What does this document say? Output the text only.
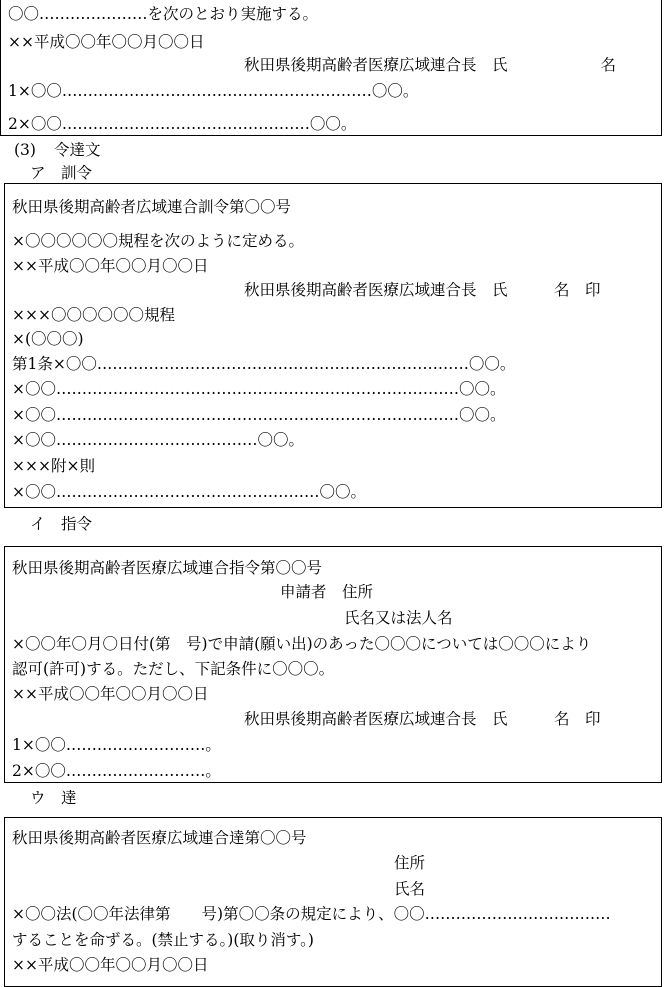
〇〇…………………を次のとおり実施する。
××平成〇〇年〇〇月〇〇日
秋田県後期高齢者医療広域連合長　氏　　　　　　名
1×〇〇……………………………………………………〇〇。
2×〇〇…………………………………………〇〇。
(3) 令達文
ア　訓令
秋田県後期高齢者広域連合訓令第〇〇号
×〇〇〇〇〇〇規程を次のように定める。
××平成〇〇年〇〇月〇〇日
秋田県後期高齢者医療広域連合長　氏　　　名　印
×××〇〇〇〇〇〇規程
×(〇〇〇)
第1条×〇〇………………………………………………………………〇〇。
×〇〇……………………………………………………………………〇〇。
×〇〇……………………………………………………………………〇〇。
×〇〇…………………………………〇〇。
×××附×則
×〇〇……………………………………………〇〇。
イ　指令
秋田県後期高齢者医療広域連合指令第〇〇号
申請者　住所
氏名又は法人名
×〇〇年〇月〇日付(第　号)で申請(願い出)のあった〇〇〇については〇〇〇により
認可(許可)する。ただし、下記条件に〇〇〇。
××平成〇〇年〇〇月〇〇日
秋田県後期高齢者医療広域連合長　氏　　　名　印
1×〇〇………………………。
2×〇〇………………………。
ウ　達
秋田県後期高齢者医療広域連合達第〇〇号
住所
氏名
×〇〇法(〇〇年法律第　　号)第〇〇条の規定により、〇〇………………………………
することを命ずる。(禁止する。)(取り消す。)
××平成〇〇年〇〇月〇〇日
